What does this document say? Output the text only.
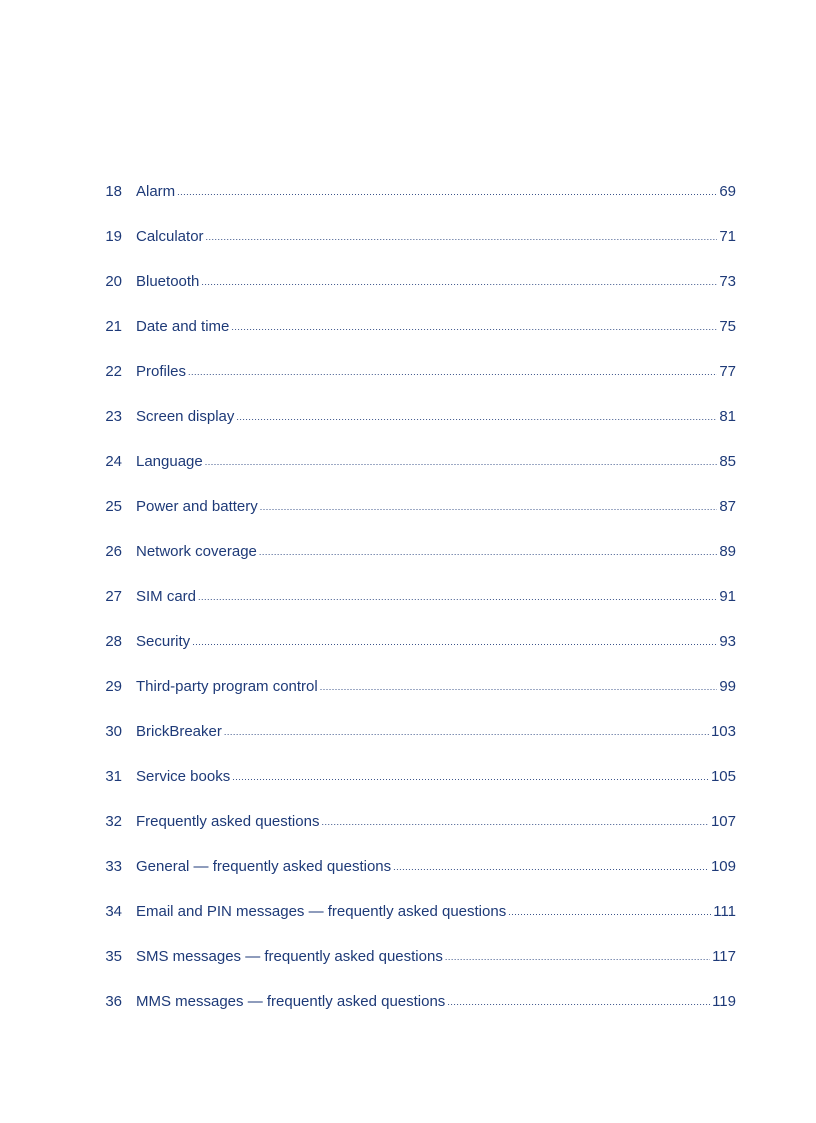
18 Alarm .....	69
19 Calculator .....	71
20 Bluetooth .....	73
21 Date and time .....	75
22 Profiles .....	77
23 Screen display .....	81
24 Language .....	85
25 Power and battery .....	87
26 Network coverage .....	89
27 SIM card .....	91
28 Security .....	93
29 Third-party program control .....	99
30 BrickBreaker .....	103
31 Service books .....	105
32 Frequently asked questions .....	107
33 General — frequently asked questions .....	109
34 Email and PIN messages — frequently asked questions .....	111
35 SMS messages — frequently asked questions .....	117
36 MMS messages — frequently asked questions .....	119
